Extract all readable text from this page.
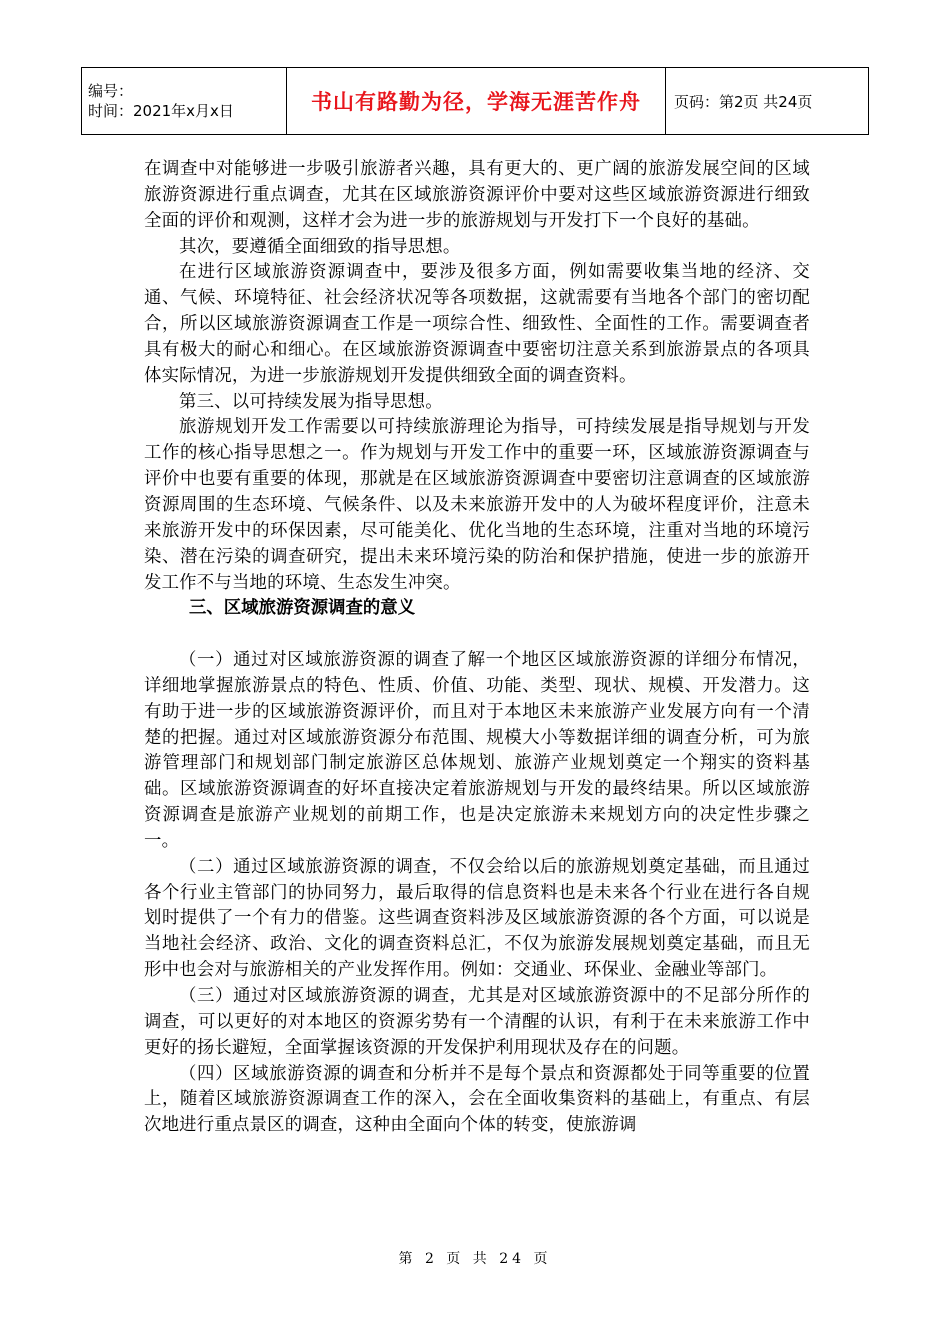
编号：
时间：2021年x月x日	书山有路勤为径，学海无涯苦作舟	页码：第2页 共24页

在调查中对能够进一步吸引旅游者兴趣，具有更大的、更广阔的旅游发展空间的区域旅游资源进行重点调查，尤其在区域旅游资源评价中要对这些区域旅游资源进行细致全面的评价和观测，这样才会为进一步的旅游规划与开发打下一个良好的基础。

其次，要遵循全面细致的指导思想。

在进行区域旅游资源调查中，要涉及很多方面，例如需要收集当地的经济、交通、气候、环境特征、社会经济状况等各项数据，这就需要有当地各个部门的密切配合，所以区域旅游资源调查工作是一项综合性、细致性、全面性的工作。需要调查者具有极大的耐心和细心。在区域旅游资源调查中要密切注意关系到旅游景点的各项具体实际情况，为进一步旅游规划开发提供细致全面的调查资料。

第三、以可持续发展为指导思想。

旅游规划开发工作需要以可持续旅游理论为指导，可持续发展是指导规划与开发工作的核心指导思想之一。作为规划与开发工作中的重要一环，区域旅游资源调查与评价中也要有重要的体现，那就是在区域旅游资源调查中要密切注意调查的区域旅游资源周围的生态环境、气候条件、以及未来旅游开发中的人为破坏程度评价，注意未来旅游开发中的环保因素，尽可能美化、优化当地的生态环境，注重对当地的环境污染、潜在污染的调查研究，提出未来环境污染的防治和保护措施，使进一步的旅游开发工作不与当地的环境、生态发生冲突。

三、区域旅游资源调查的意义

（一）通过对区域旅游资源的调查了解一个地区区域旅游资源的详细分布情况，详细地掌握旅游景点的特色、性质、价值、功能、类型、现状、规模、开发潜力。这有助于进一步的区域旅游资源评价，而且对于本地区未来旅游产业发展方向有一个清楚的把握。通过对区域旅游资源分布范围、规模大小等数据详细的调查分析，可为旅游管理部门和规划部门制定旅游区总体规划、旅游产业规划奠定一个翔实的资料基础。区域旅游资源调查的好坏直接决定着旅游规划与开发的最终结果。所以区域旅游资源调查是旅游产业规划的前期工作，也是决定旅游未来规划方向的决定性步骤之一。

（二）通过区域旅游资源的调查，不仅会给以后的旅游规划奠定基础，而且通过各个行业主管部门的协同努力，最后取得的信息资料也是未来各个行业在进行各自规划时提供了一个有力的借鉴。这些调查资料涉及区域旅游资源的各个方面，可以说是当地社会经济、政治、文化的调查资料总汇，不仅为旅游发展规划奠定基础，而且无形中也会对与旅游相关的产业发挥作用。例如：交通业、环保业、金融业等部门。

（三）通过对区域旅游资源的调查，尤其是对区域旅游资源中的不足部分所作的调查，可以更好的对本地区的资源劣势有一个清醒的认识，有利于在未来旅游工作中更好的扬长避短，全面掌握该资源的开发保护利用现状及存在的问题。

（四）区域旅游资源的调查和分析并不是每个景点和资源都处于同等重要的位置上，随着区域旅游资源调查工作的深入，会在全面收集资料的基础上，有重点、有层次地进行重点景区的调查，这种由全面向个体的转变，使旅游调

第 2 页 共 24 页
